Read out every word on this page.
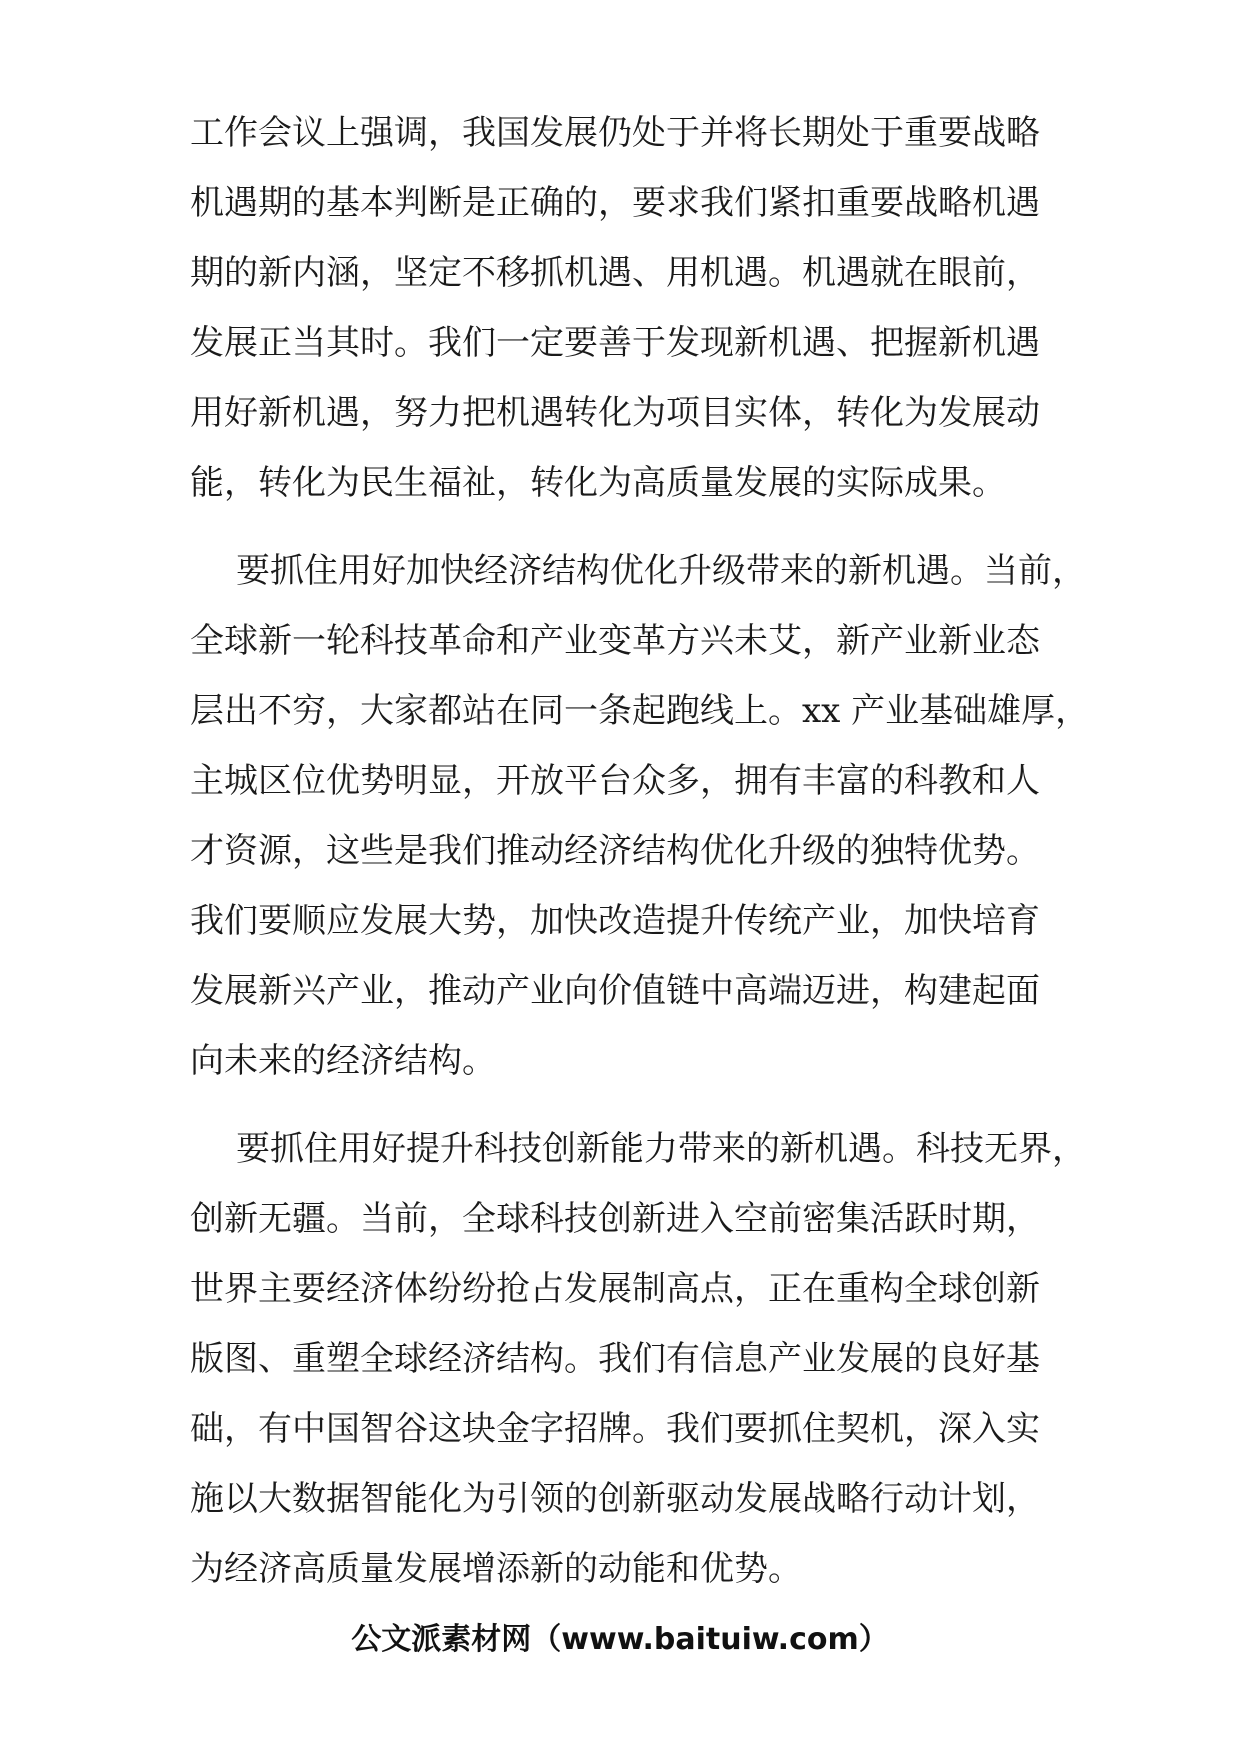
工作会议上强调，我国发展仍处于并将长期处于重要战略
机遇期的基本判断是正确的，要求我们紧扣重要战略机遇
期的新内涵，坚定不移抓机遇、用机遇。机遇就在眼前，
发展正当其时。我们一定要善于发现新机遇、把握新机遇
用好新机遇，努力把机遇转化为项目实体，转化为发展动
能，转化为民生福祉，转化为高质量发展的实际成果。
要抓住用好加快经济结构优化升级带来的新机遇。当前，
全球新一轮科技革命和产业变革方兴未艾，新产业新业态
层出不穷，大家都站在同一条起跑线上。xx 产业基础雄厚，
主城区位优势明显，开放平台众多，拥有丰富的科教和人
才资源，这些是我们推动经济结构优化升级的独特优势。
我们要顺应发展大势，加快改造提升传统产业，加快培育
发展新兴产业，推动产业向价值链中高端迈进，构建起面
向未来的经济结构。
要抓住用好提升科技创新能力带来的新机遇。科技无界，
创新无疆。当前，全球科技创新进入空前密集活跃时期，
世界主要经济体纷纷抢占发展制高点，正在重构全球创新
版图、重塑全球经济结构。我们有信息产业发展的良好基
础，有中国智谷这块金字招牌。我们要抓住契机，深入实
施以大数据智能化为引领的创新驱动发展战略行动计划，
为经济高质量发展增添新的动能和优势。
公文派素材网（www.baituiw.com）
